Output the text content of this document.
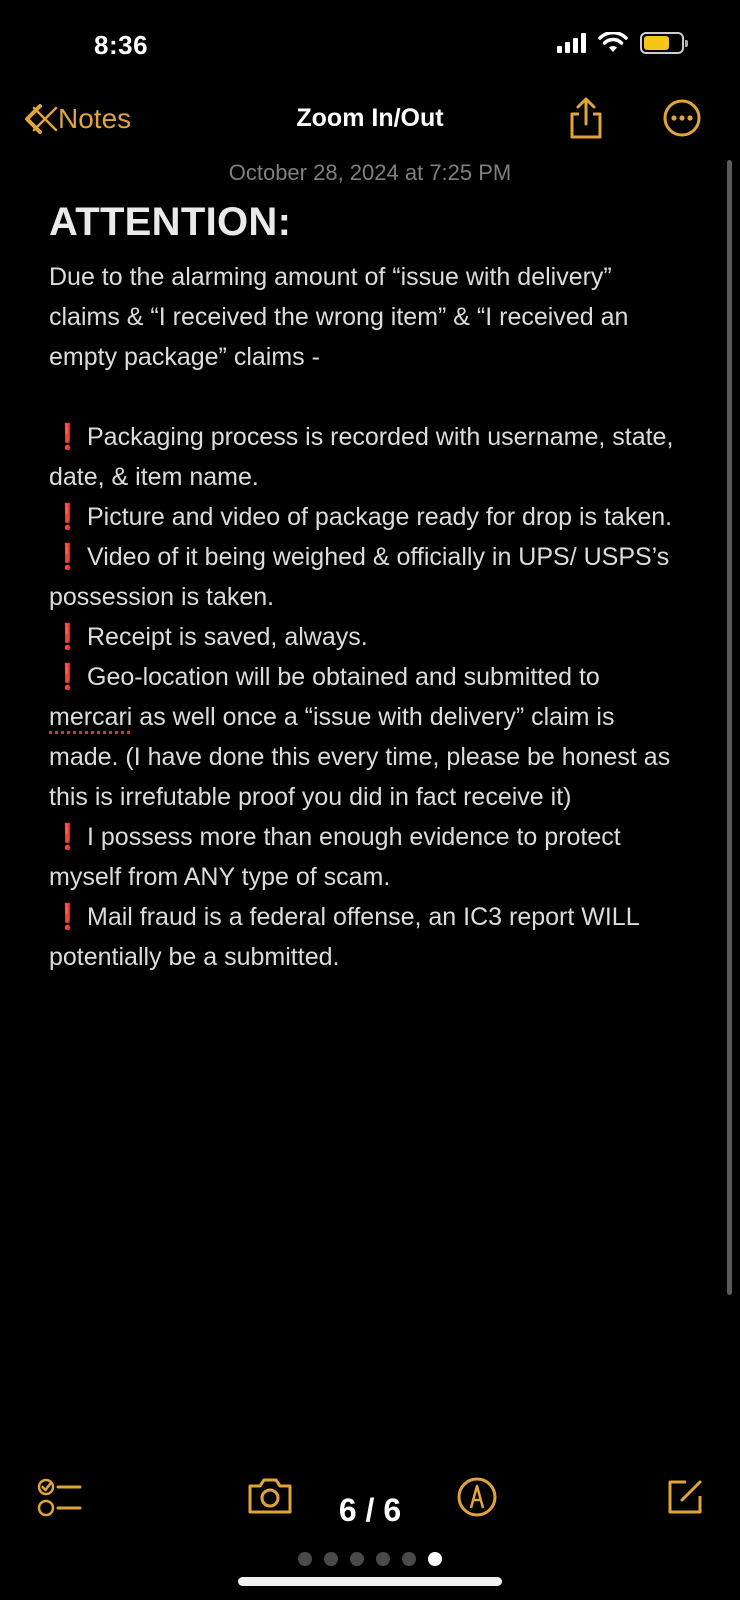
8:36
Notes	Zoom In/Out
October 28, 2024 at 7:25 PM
ATTENTION:

Due to the alarming amount of “issue with delivery” claims & “I received the wrong item” & “I received an empty package” claims -

❗ Packaging process is recorded with username, state, date, & item name.

❗ Picture and video of package ready for drop is taken.

❗ Video of it being weighed & officially in UPS/ USPS’s possession is taken.

❗ Receipt is saved, always.

❗ Geo-location will be obtained and submitted to mercari as well once a “issue with delivery” claim is made. (I have done this every time, please be honest as this is irrefutable proof you did in fact receive it)

❗ I possess more than enough evidence to protect myself from ANY type of scam.

❗ Mail fraud is a federal offense, an IC3 report WILL potentially be a submitted.

6 / 6
